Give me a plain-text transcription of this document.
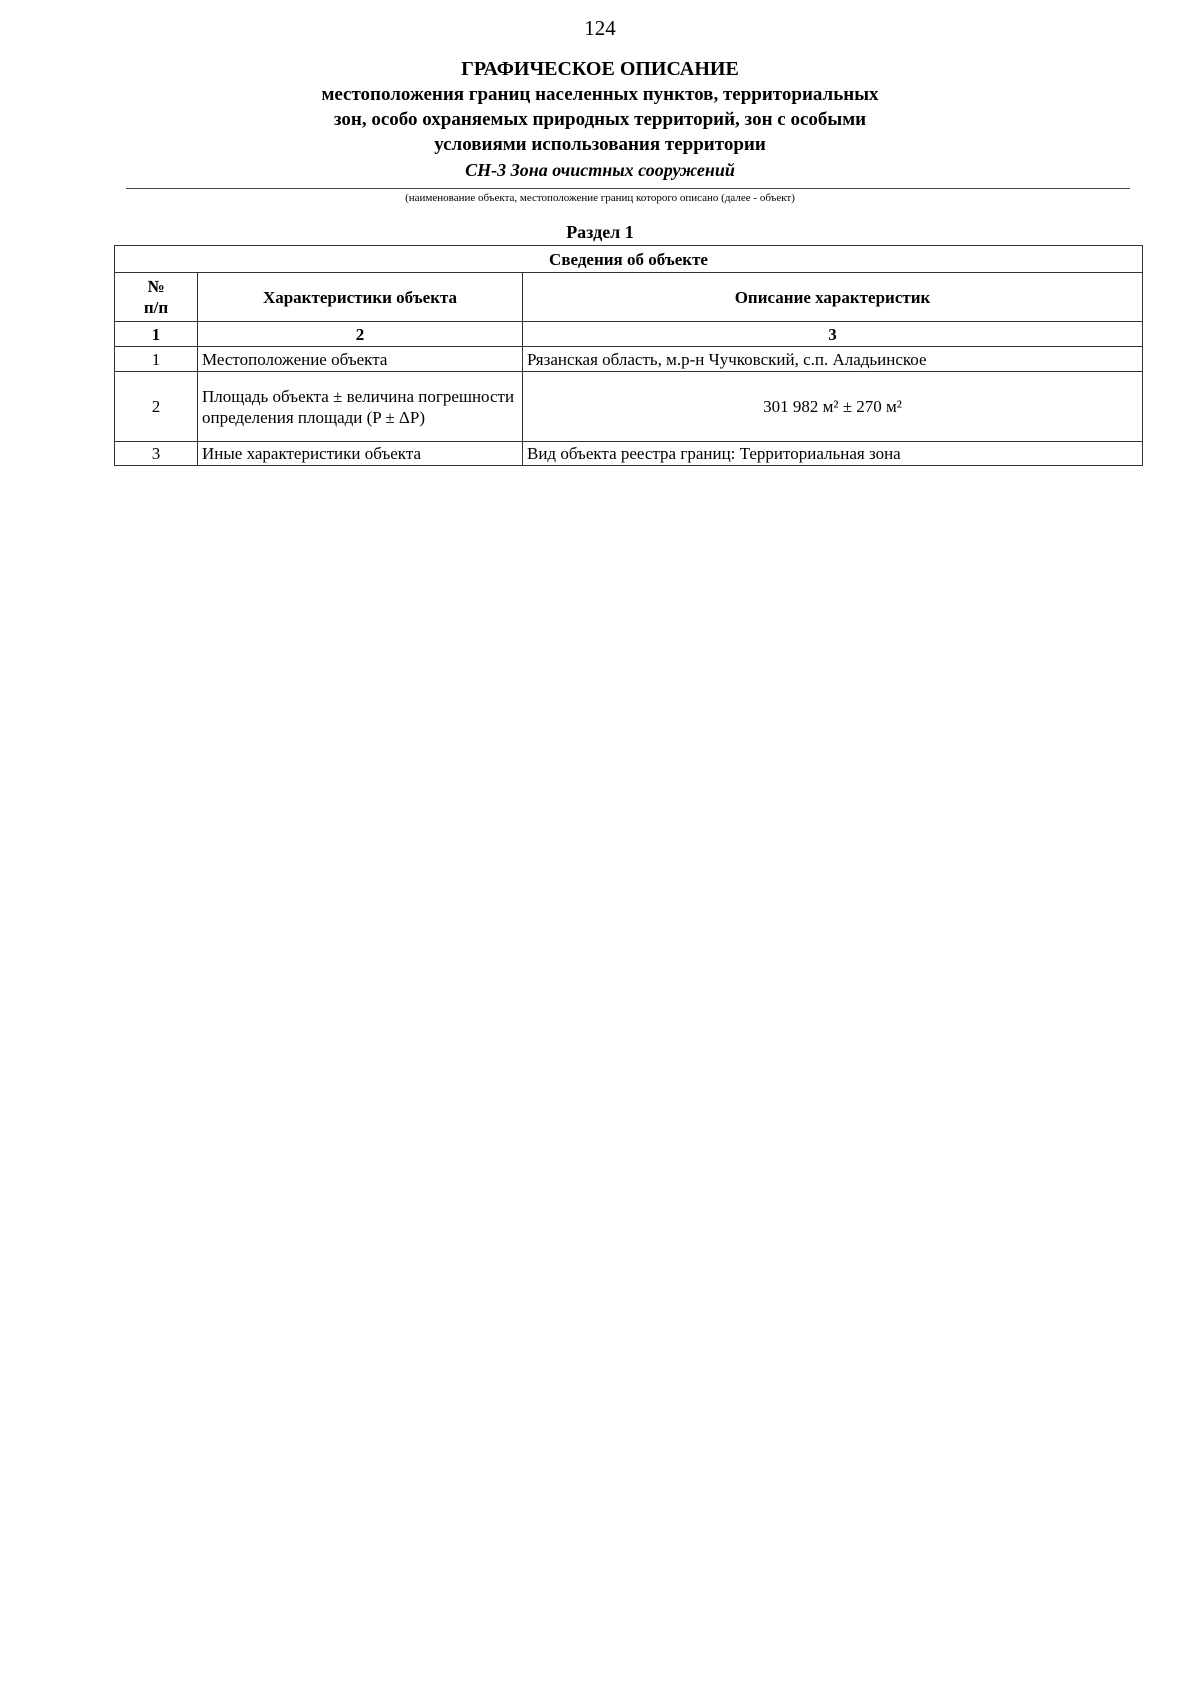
124
ГРАФИЧЕСКОЕ ОПИСАНИЕ
местоположения границ населенных пунктов, территориальных
зон, особо охраняемых природных территорий, зон с особыми
условиями использования территории
СН-3 Зона очистных сооружений
(наименование объекта, местоположение границ которого описано (далее - объект)
Раздел 1
Сведения об объекте		
№
п/п	Характеристики объекта	Описание характеристик
1	2	3
1	Местоположение объекта	Рязанская область, м.р-н Чучковский, с.п. Аладьинское
2	Площадь объекта ± величина погрешности определения площади (P ± ΔP)	301 982 м² ± 270 м²
3	Иные характеристики объекта	Вид объекта реестра границ: Территориальная зона
